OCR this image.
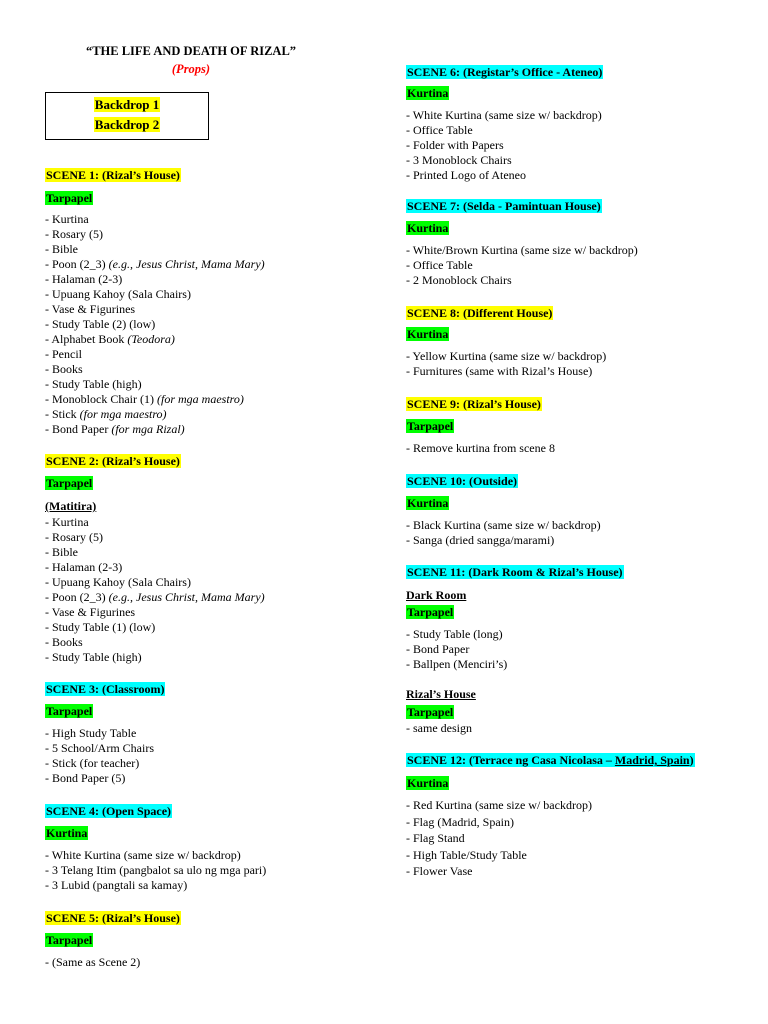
“THE LIFE AND DEATH OF RIZAL”
(Props)
Backdrop 1
Backdrop 2
SCENE 1: (Rizal’s House)
Tarpapel
- Kurtina
- Rosary (5)
- Bible
- Poon (2_3) (e.g., Jesus Christ, Mama Mary)
- Halaman (2-3)
- Upuang Kahoy (Sala Chairs)
- Vase & Figurines
- Study Table (2) (low)
- Alphabet Book (Teodora)
- Pencil
- Books
- Study Table (high)
- Monoblock Chair (1) (for mga maestro)
- Stick (for mga maestro)
- Bond Paper (for mga Rizal)
SCENE 2: (Rizal’s House)
Tarpapel
(Matitira)
- Kurtina
- Rosary (5)
- Bible
- Halaman (2-3)
- Upuang Kahoy (Sala Chairs)
- Poon (2_3) (e.g., Jesus Christ, Mama Mary)
- Vase & Figurines
- Study Table (1) (low)
- Books
- Study Table (high)
SCENE 3: (Classroom)
Tarpapel
- High Study Table
- 5 School/Arm Chairs
- Stick (for teacher)
- Bond Paper (5)
SCENE 4: (Open Space)
Kurtina
- White Kurtina (same size w/ backdrop)
- 3 Telang Itim (pangbalot sa ulo ng mga pari)
- 3 Lubid (pangtali sa kamay)
SCENE 5: (Rizal’s House)
Tarpapel
- (Same as Scene 2)
SCENE 6: (Registar’s Office - Ateneo)
Kurtina
- White Kurtina (same size w/ backdrop)
- Office Table
- Folder with Papers
- 3 Monoblock Chairs
- Printed Logo of Ateneo
SCENE 7: (Selda - Pamintuan House)
Kurtina
- White/Brown Kurtina (same size w/ backdrop)
- Office Table
- 2 Monoblock Chairs
SCENE 8: (Different House)
Kurtina
- Yellow Kurtina (same size w/ backdrop)
- Furnitures (same with Rizal’s House)
SCENE 9: (Rizal’s House)
Tarpapel
- Remove kurtina from scene 8
SCENE 10: (Outside)
Kurtina
- Black Kurtina (same size w/ backdrop)
- Sanga (dried sangga/marami)
SCENE 11: (Dark Room & Rizal’s House)
Dark Room
Tarpapel
- Study Table (long)
- Bond Paper
- Ballpen (Menciri’s)
Rizal’s House
Tarpapel
- same design
SCENE 12: (Terrace ng Casa Nicolasa – Madrid, Spain)
Kurtina
- Red Kurtina (same size w/ backdrop)
- Flag (Madrid, Spain)
- Flag Stand
- High Table/Study Table
- Flower Vase
